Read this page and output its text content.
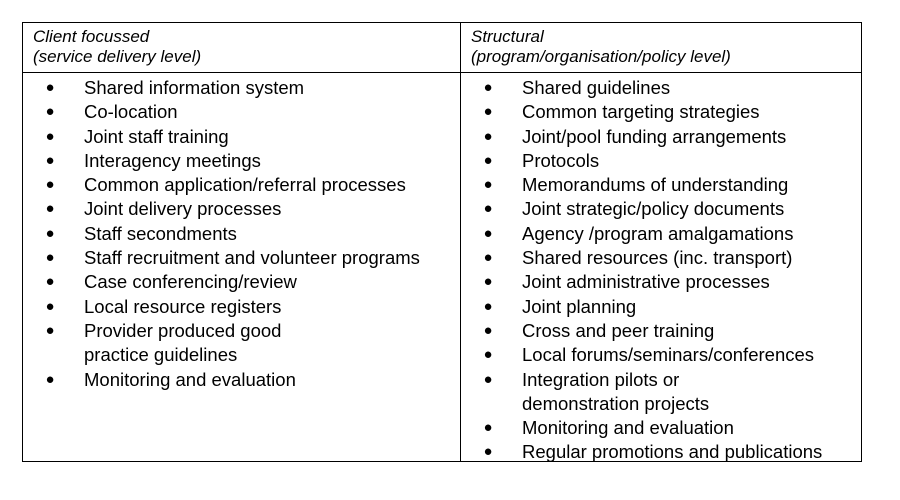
Client focussed
(service delivery level)
● Shared information system
● Co-location
● Joint staff training
● Interagency meetings
● Common application/referral processes
● Joint delivery processes
● Staff secondments
● Staff recruitment and volunteer programs
● Case conferencing/review
● Local resource registers
● Provider produced good
practice guidelines
● Monitoring and evaluation
Structural
(program/organisation/policy level)
● Shared guidelines
● Common targeting strategies
● Joint/pool funding arrangements
● Protocols
● Memorandums of understanding
● Joint strategic/policy documents
● Agency /program amalgamations
● Shared resources (inc. transport)
● Joint administrative processes
● Joint planning
● Cross and peer training
● Local forums/seminars/conferences
● Integration pilots or
demonstration projects
● Monitoring and evaluation
● Regular promotions and publications
